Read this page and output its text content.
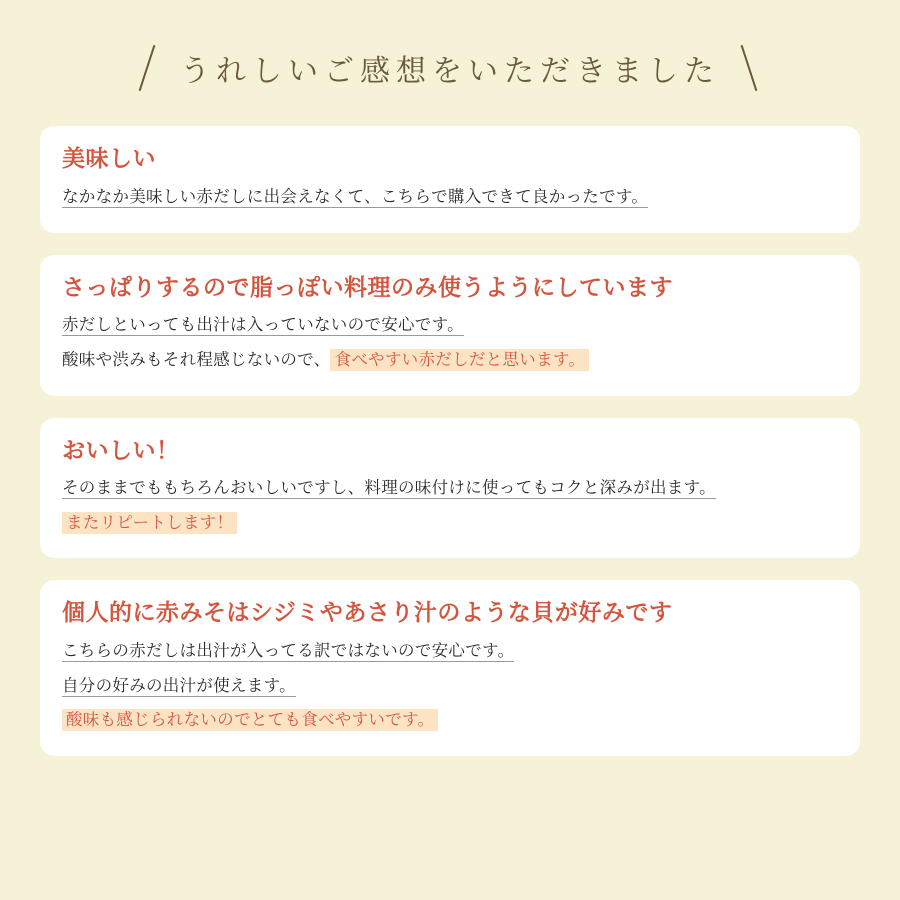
うれしいご感想をいただきました
美味しい
なかなか美味しい赤だしに出会えなくて、こちらで購入できて良かったです。
さっぱりするので脂っぽい料理のみ使うようにしています
赤だしといっても出汁は入っていないので安心です。
酸味や渋みもそれ程感じないので、 食べやすい赤だしだと思います。
おいしい！
そのままでももちろんおいしいですし、料理の味付けに使ってもコクと深みが出ます。
またリピートします！
個人的に赤みそはシジミやあさり汁のような貝が好みです
こちらの赤だしは出汁が入ってる訳ではないので安心です。
自分の好みの出汁が使えます。
酸味も感じられないのでとても食べやすいです。
